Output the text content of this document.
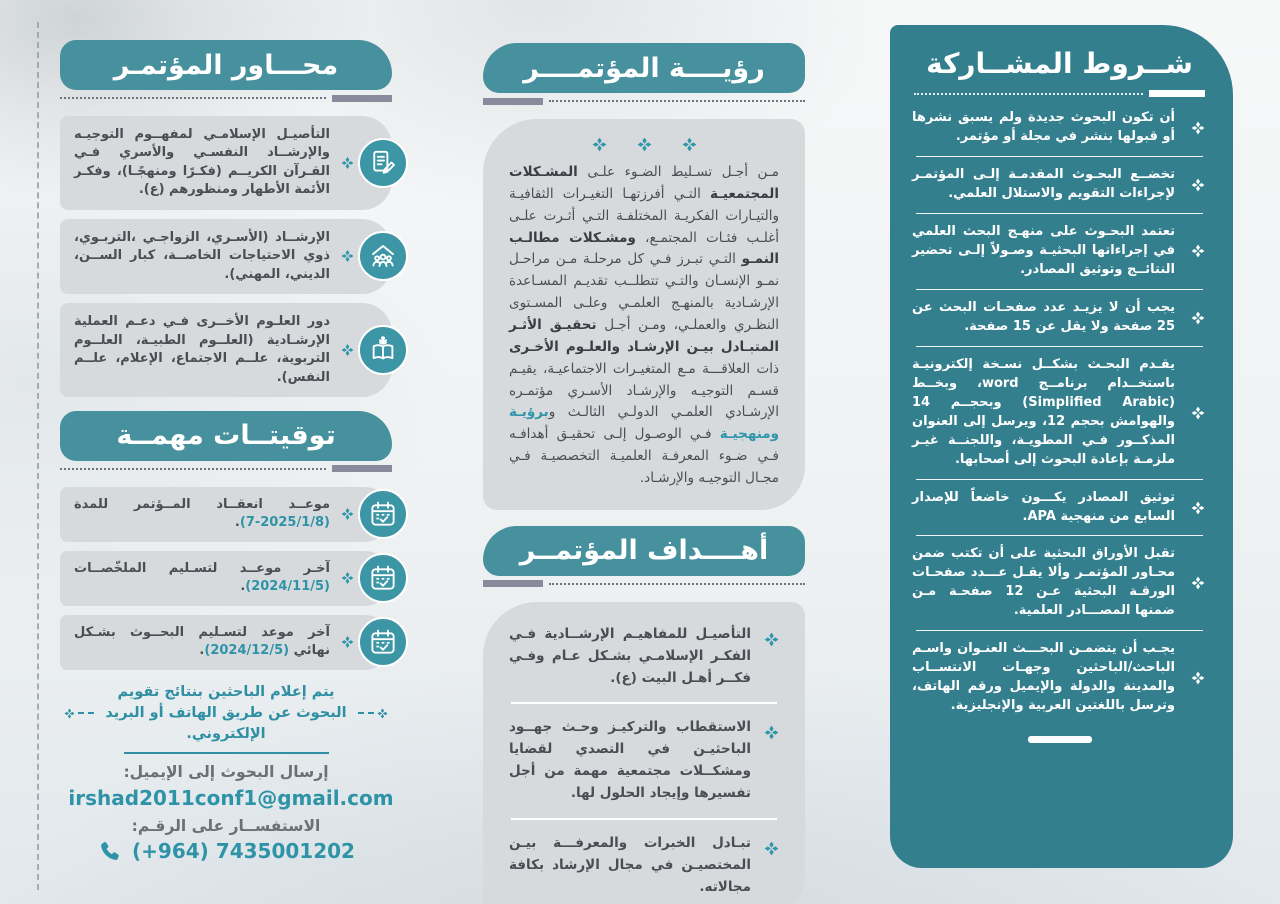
شــروط المشــاركة
أن تكون البحوث جديدة ولم يسبق نشرها أو قبولها بنشر في مجلة أو مؤتمر.
تخضــع البحـوث المقدمـة إلـى المؤتمـر لإجراءات التقويم والاستلال العلمي.
تعتمد البحـوث على منهـج البحث العلمي في إجراءاتها البحثيـة وصـولاً إلـى تحضير النتائــج وتوثيق المصادر.
يجب أن لا يزيـد عدد صفحـات البحث عن 25 صفحة ولا يقل عن 15 صفحة.
يقـدم البحـث بشكــل نسـخة إلكترونيـة باستخــدام برنامــج word، وبخــط (Simplified Arabic) وبحجــم 14 والهوامش بحجم 12، ويرسل إلى العنوان المذكــور فـي المطويـة، واللجنــة غيـر ملزمـة بإعادة البحوث إلى أصحابها.
توثيق المصادر يكـــون خاضعاً للإصدار السابع من منهجية APA.
تقبل الأوراق البحثية على أن تكتب ضمن محـاور المؤتمـر وألا يقـل عـــدد صفحـات الورقـة البحثية عـن 12 صفحـة مـن ضمنها المصـــادر العلمية.
يجـب أن يتضمـن البحـــث العنـوان واسـم الباحث/الباحثين وجهـات الانتســاب والمدينة والدولة والإيميل ورقم الهاتف، وترسل باللغتين العربية والإنجليزية.
رؤيــــة المؤتمــــر

مـن أجـل تسـليط الضـوء علـى المشـكلات المجتمعيـة التـي أفرزتهـا التغيـرات الثقافيـة والتيـارات الفكريـة المختلفـة التـي أثـرت علـى أغلـب فئـات المجتمـع، ومشـكلات مطالـب النمـو التـي تبـرز فـي كل مرحلـة مـن مراحـل نمـو الإنسـان والتـي تتطلــب تقديـم المسـاعدة الإرشـادية بالمنهـج العلمـي وعلـى المسـتوى النظـري والعملـي، ومـن أجـل تحقيـق الأثـر المتبـادل بيـن الإرشـاد والعلـوم الأخـرى ذات العلاقـــة مـع المتغيـرات الاجتماعيـة، يقيـم قسـم التوجيـه والإرشـاد الأسـري مؤتمـره الإرشـادي العلمـي الدولـي الثالـث وبرؤيـة ومنهجيـة فـي الوصـول إلـى تحقيـق أهدافـه فـي ضـوء المعرفـة العلميـة التخصصيـة فـي مجـال التوجيـه والإرشـاد.

أهــــداف المؤتمــر
التأصيـل للمفاهيـم الإرشــادية فـي الفكـر الإسلامـي بشـكل عـام وفـي فكــر أهـل البيت (ع).
الاستقطاب والتركيـز وحـث جهــود الباحثيـن في التصدي لقضايا ومشكــلات مجتمعية مهمة من أجل تفسيرها وإيجاد الحلول لها.
تبـادل الخبرات والمعرفـــة بيـن المختصيـن في مجال الإرشاد بكافة مجالاته.
محـــاور المؤتمـر
التأصيـل الإسلامـي لمفهــوم التوجيـه والإرشــاد النفسـي والأسري فـي القـرآن الكريــم (فكـرًا ومنهجًـا)، وفكـر الأئمة الأطهار ومنظورهم (ع).
الإرشــاد (الأسـري، الزواجـي ،التربـوي، ذوي الاحتياجات الخاصــة، كبار الســن، الديني، المهني).
دور العلـوم الأخــرى فـي دعـم العملية الإرشـادية (العلــوم الطبيـة، العلــوم التربوية، علــم الاجتماع، الإعلام، علــم النفس).
توقيتــات مهمــة
موعــد انعقــاد المــؤتمر للمدة (2025/1/8-7).
آخـر موعــد لتسـليم الملخّصــات (2024/11/5).
آخر موعد لتسـليم البحــوث بشـكل نهائي (2024/12/5).
يتم إعلام الباحثين بنتائج تقويم البحوث عن طريق الهاتف أو البريد الإلكتروني.
إرسال البحوث إلى الإيميل:
irshad2011conf1@gmail.com
الاستفســار على الرقـم:
(+964) 7435001202
